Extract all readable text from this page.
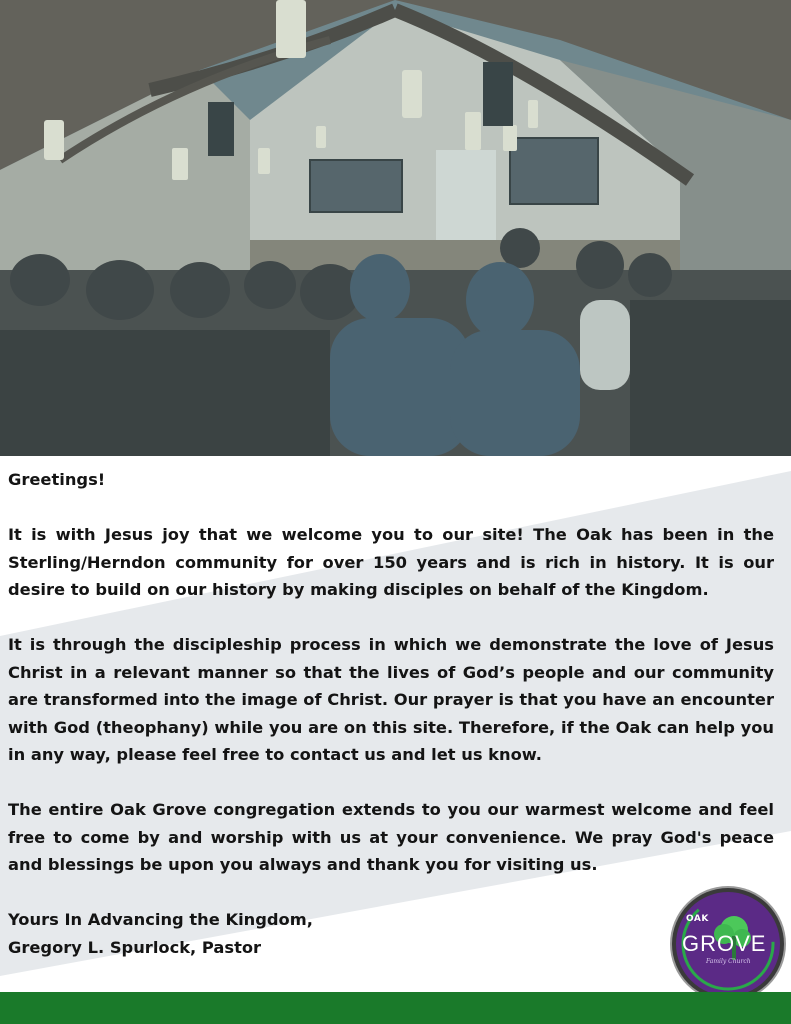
Greetings!

It is with Jesus joy that we welcome you to our site! The Oak has been in the Sterling/Herndon community for over 150 years and is rich in history. It is our desire to build on our history by making disciples on behalf of the Kingdom.

It is through the discipleship process in which we demonstrate the love of Jesus Christ in a relevant manner so that the lives of God’s people and our community are transformed into the image of Christ. Our prayer is that you have an encounter with God (theophany) while you are on this site. Therefore, if the Oak can help you in any way, please feel free to contact us and let us know.

The entire Oak Grove congregation extends to you our warmest welcome and feel free to come by and worship with us at your convenience. We pray God's peace and blessings be upon you always and thank you for visiting us.

Yours In Advancing the Kingdom,

Gregory L. Spurlock, Pastor

OAK
GROVE
Family Church
